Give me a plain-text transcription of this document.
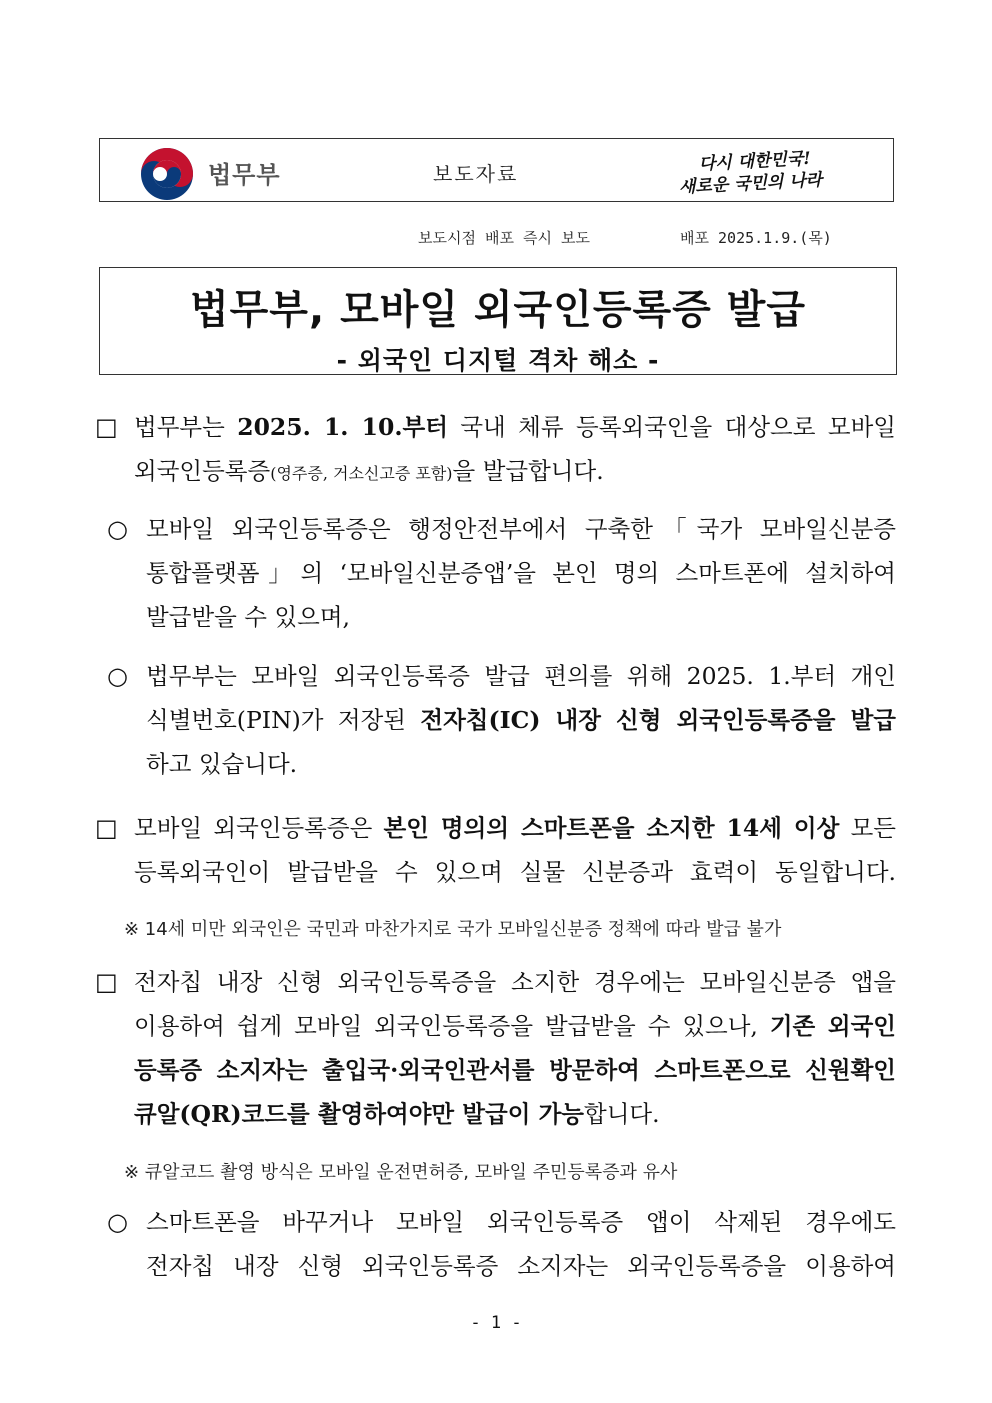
법무부	보도자료	다시 대한민국!
새로운 국민의 나라
보도시점 배포 즉시 보도	배포 2025.1.9.(목)
법무부, 모바일 외국인등록증 발급
- 외국인 디지털 격차 해소 -
□ 법무부는 2025. 1. 10.부터 국내 체류 등록외국인을 대상으로 모바일
외국인등록증(영주증, 거소신고증 포함)을 발급합니다.
○ 모바일 외국인등록증은 행정안전부에서 구축한「국가 모바일신분증
통합플랫폼」의 ‘모바일신분증앱’을 본인 명의 스마트폰에 설치하여
발급받을 수 있으며,
○ 법무부는 모바일 외국인등록증 발급 편의를 위해 2025. 1.부터 개인
식별번호(PIN)가 저장된 전자칩(IC) 내장 신형 외국인등록증을 발급
하고 있습니다.
□ 모바일 외국인등록증은 본인 명의의 스마트폰을 소지한 14세 이상 모든
등록외국인이 발급받을 수 있으며 실물 신분증과 효력이 동일합니다.
※ 14세 미만 외국인은 국민과 마찬가지로 국가 모바일신분증 정책에 따라 발급 불가
□ 전자칩 내장 신형 외국인등록증을 소지한 경우에는 모바일신분증 앱을
이용하여 쉽게 모바일 외국인등록증을 발급받을 수 있으나, 기존 외국인
등록증 소지자는 출입국·외국인관서를 방문하여 스마트폰으로 신원확인
큐알(QR)코드를 촬영하여야만 발급이 가능합니다.
※ 큐알코드 촬영 방식은 모바일 운전면허증, 모바일 주민등록증과 유사
○ 스마트폰을 바꾸거나 모바일 외국인등록증 앱이 삭제된 경우에도
전자칩 내장 신형 외국인등록증 소지자는 외국인등록증을 이용하여
- 1 -
